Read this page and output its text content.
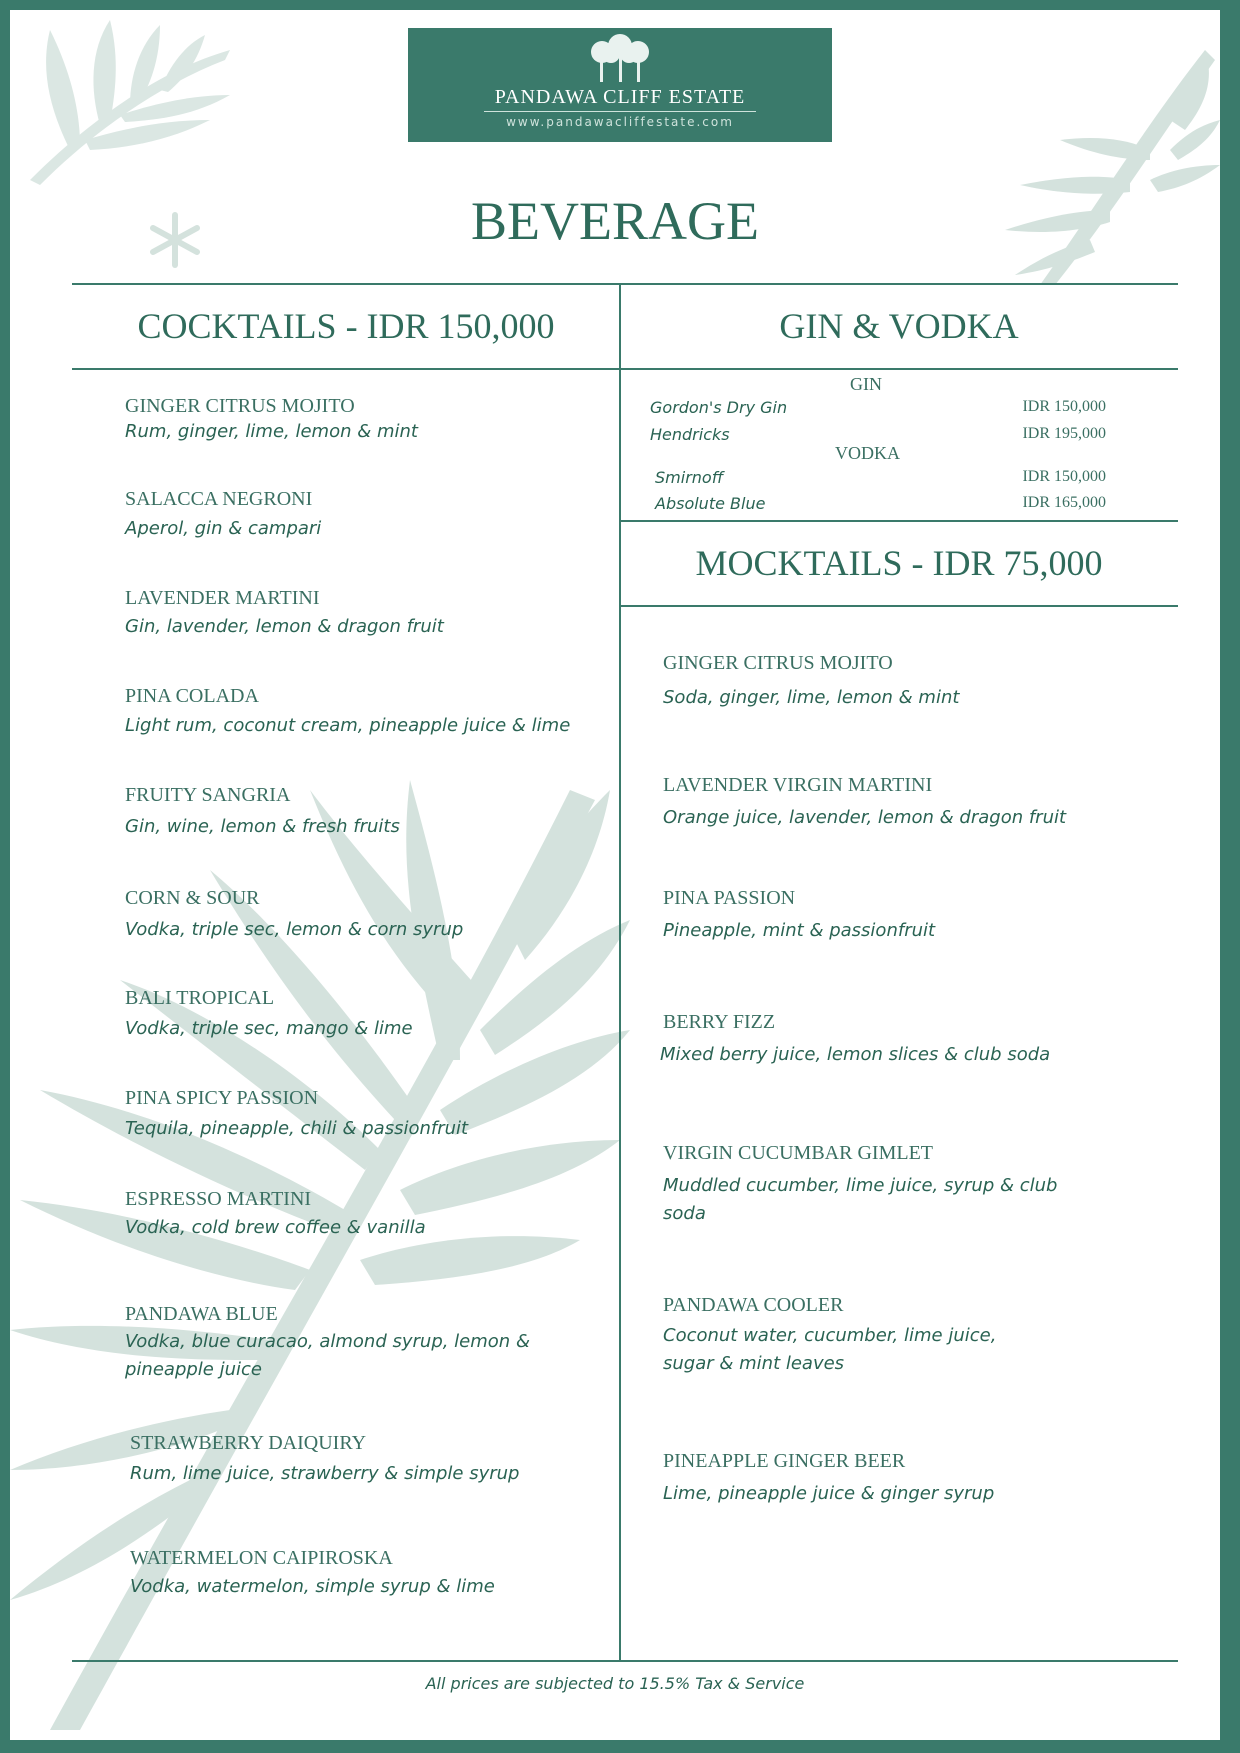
PANDAWA CLIFF ESTATE
www.pandawacliffestate.com
BEVERAGE
COCKTAILS - IDR 150,000	GIN & VODKA
MOCKTAILS - IDR 75,000
GIN
Gordon's Dry Gin	IDR 150,000
Hendricks	IDR 195,000
VODKA
Smirnoff	IDR 150,000
Absolute Blue	IDR 165,000
GINGER CITRUS MOJITO
Rum, ginger, lime, lemon & mint
SALACCA NEGRONI
Aperol, gin & campari
LAVENDER MARTINI
Gin, lavender, lemon & dragon fruit
PINA COLADA
Light rum, coconut cream, pineapple juice & lime
FRUITY SANGRIA
Gin, wine, lemon & fresh fruits
CORN & SOUR
Vodka, triple sec, lemon & corn syrup
BALI TROPICAL
Vodka, triple sec, mango & lime
PINA SPICY PASSION
Tequila, pineapple, chili & passionfruit
ESPRESSO MARTINI
Vodka, cold brew coffee & vanilla
PANDAWA BLUE
Vodka, blue curacao, almond syrup, lemon & pineapple juice
STRAWBERRY DAIQUIRY
Rum, lime juice, strawberry & simple syrup
WATERMELON CAIPIROSKA
Vodka, watermelon, simple syrup & lime
GINGER CITRUS MOJITO
Soda, ginger, lime, lemon & mint
LAVENDER VIRGIN MARTINI
Orange juice, lavender, lemon & dragon fruit
PINA PASSION
Pineapple, mint & passionfruit
BERRY FIZZ
Mixed berry juice, lemon slices & club soda
VIRGIN CUCUMBAR GIMLET
Muddled cucumber, lime juice, syrup & club soda
PANDAWA COOLER
Coconut water, cucumber, lime juice, sugar & mint leaves
PINEAPPLE GINGER BEER
Lime, pineapple juice & ginger syrup
All prices are subjected to 15.5% Tax & Service
